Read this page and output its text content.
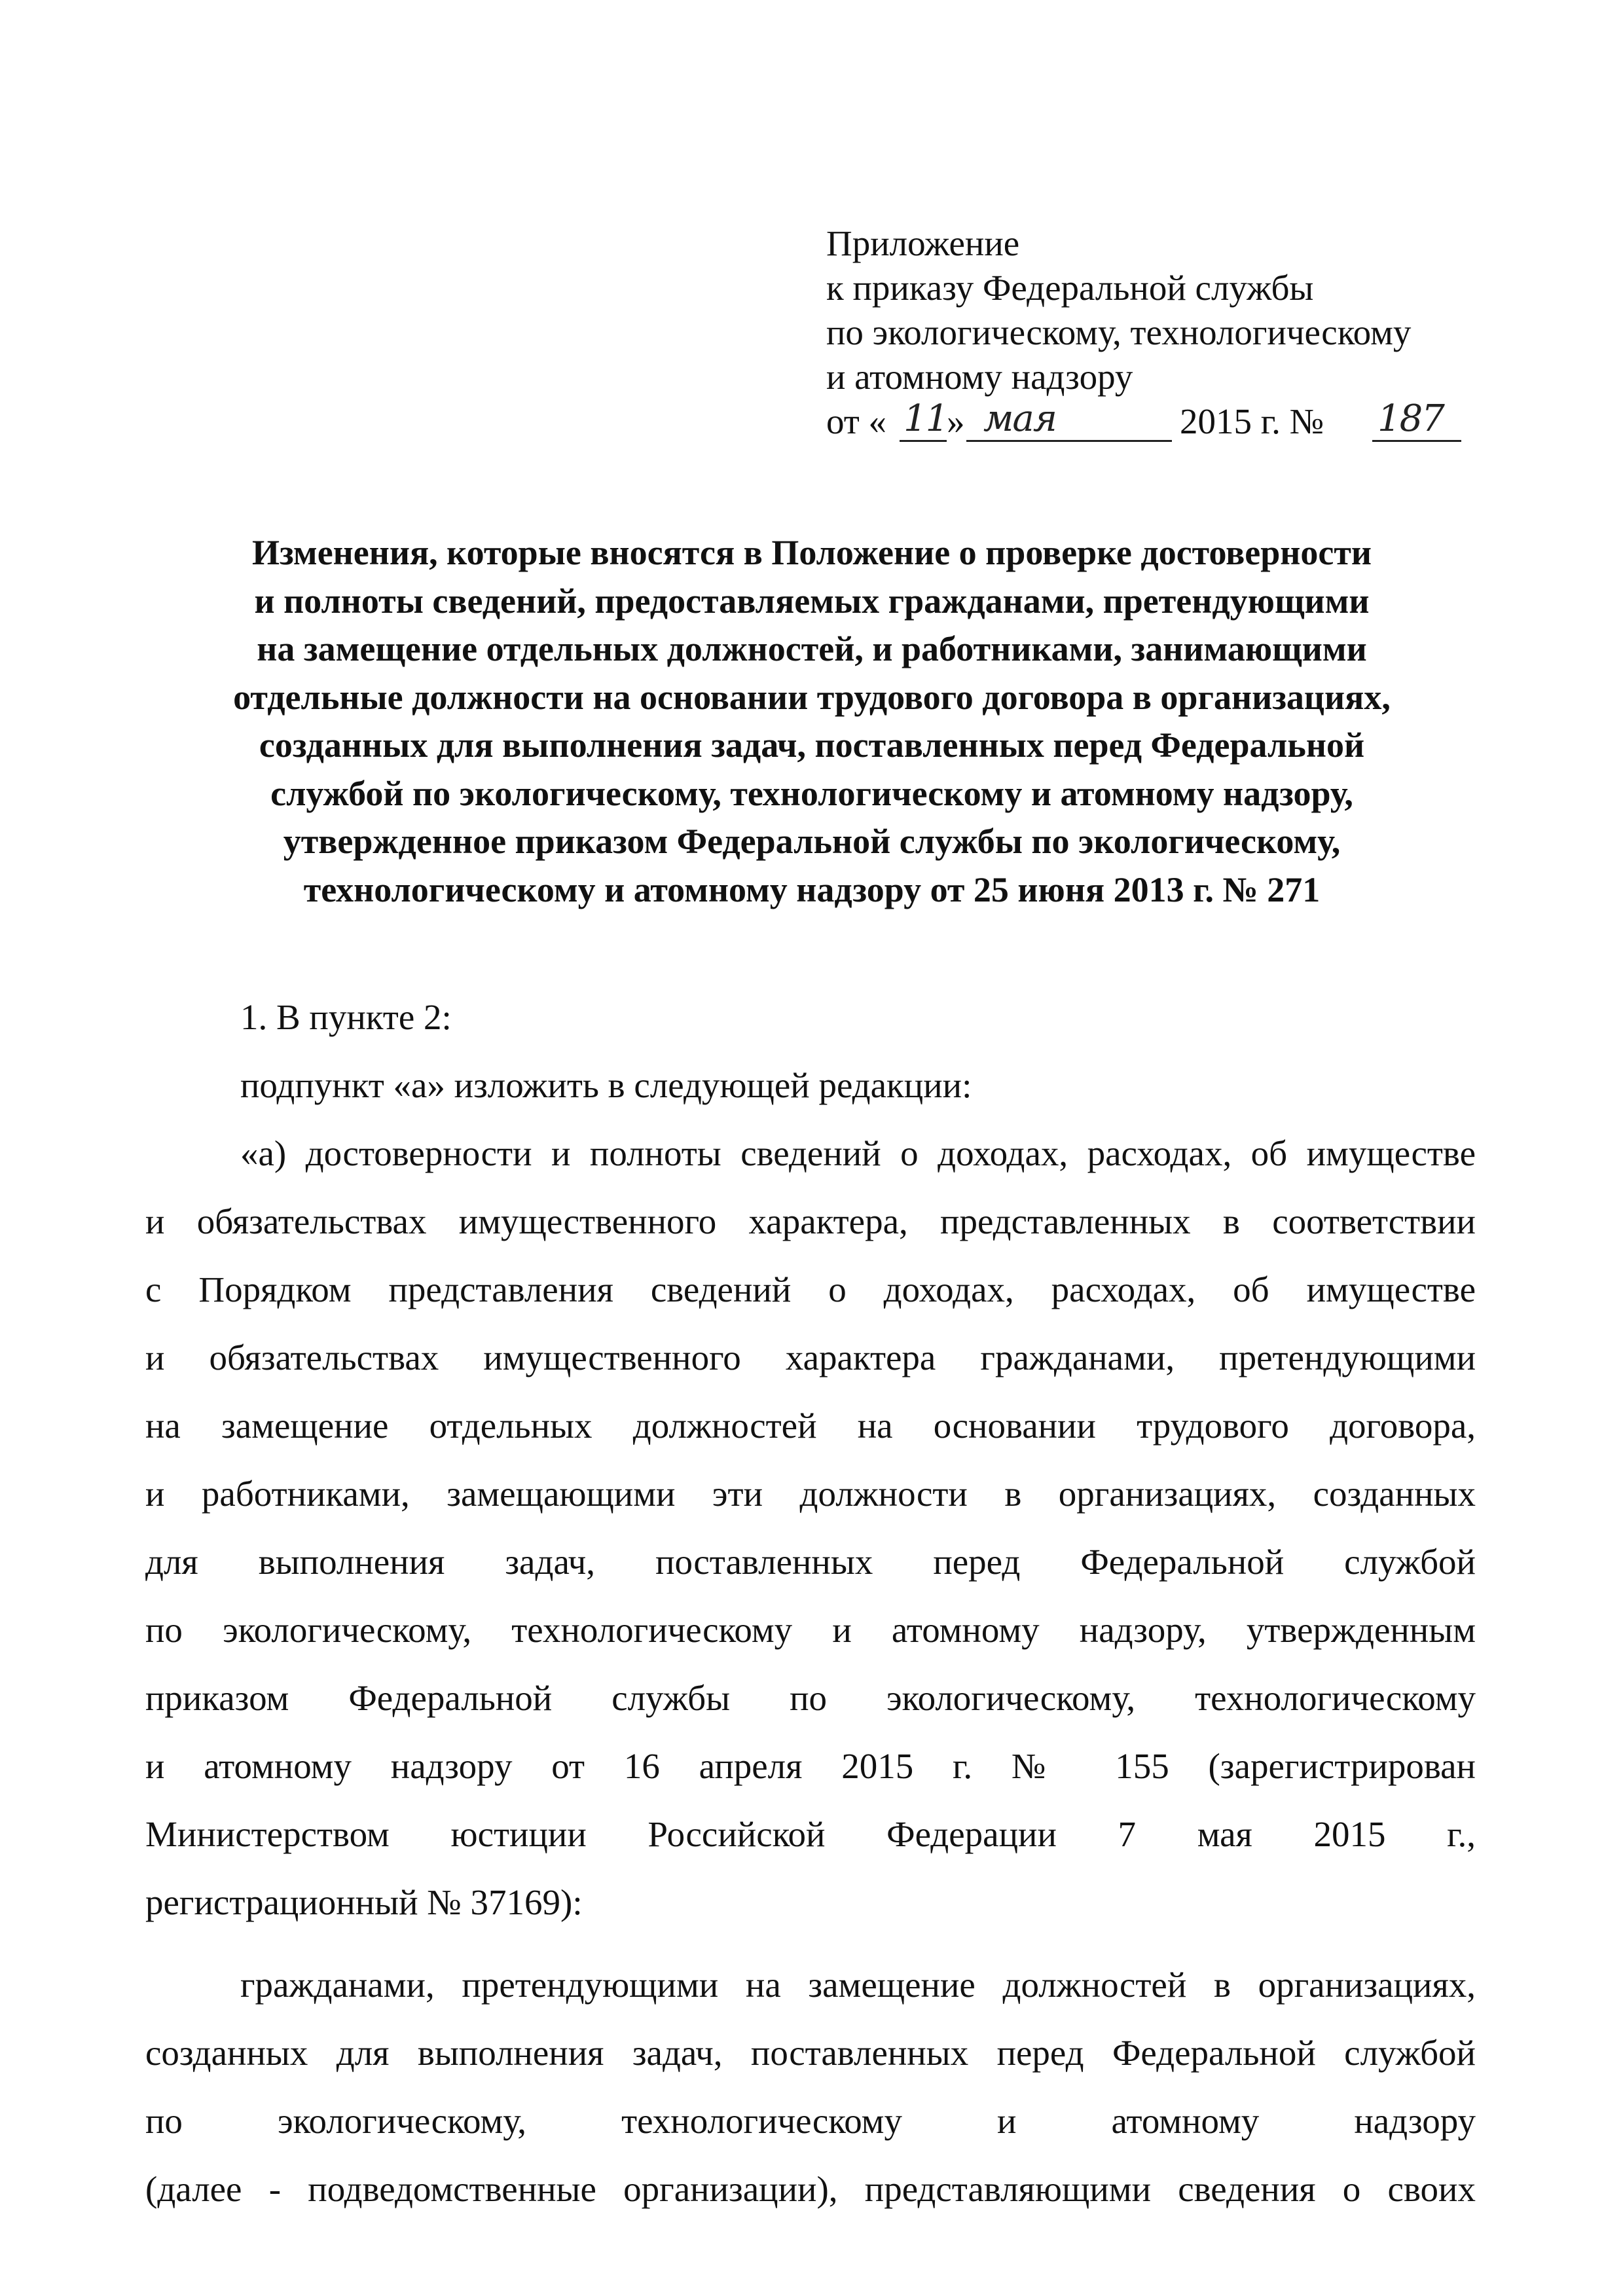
Приложение
к приказу Федеральной службы
по экологическому, технологическому
и атомному надзору
от « 11
» мая	2015 г. № 187
Изменения, которые вносятся в Положение о проверке достоверности
и полноты сведений, предоставляемых гражданами, претендующими
на замещение отдельных должностей, и работниками, занимающими
отдельные должности на основании трудового договора в организациях,
созданных для выполнения задач, поставленных перед Федеральной
службой по экологическому, технологическому и атомному надзору,
утвержденное приказом Федеральной службы по экологическому,
технологическому и атомному надзору от 25 июня 2013 г. № 271
1. В пункте 2:
подпункт «а» изложить в следующей редакции:
«а) достоверности и полноты сведений о доходах, расходах, об имуществе
и обязательствах имущественного характера, представленных в соответствии
с Порядком представления сведений о доходах, расходах, об имуществе
и обязательствах имущественного характера гражданами, претендующими
на замещение отдельных должностей на основании трудового договора,
и работниками, замещающими эти должности в организациях, созданных
для выполнения задач, поставленных перед Федеральной службой
по экологическому, технологическому и атомному надзору, утвержденным
приказом Федеральной службы по экологическому, технологическому
и атомному надзору от 16 апреля 2015 г. № 155 (зарегистрирован
Министерством юстиции Российской Федерации 7 мая 2015 г.,
регистрационный № 37169):
гражданами, претендующими на замещение должностей в организациях,
созданных для выполнения задач, поставленных перед Федеральной службой
по экологическому, технологическому и атомному надзору
(далее - подведомственные организации), представляющими сведения о своих
